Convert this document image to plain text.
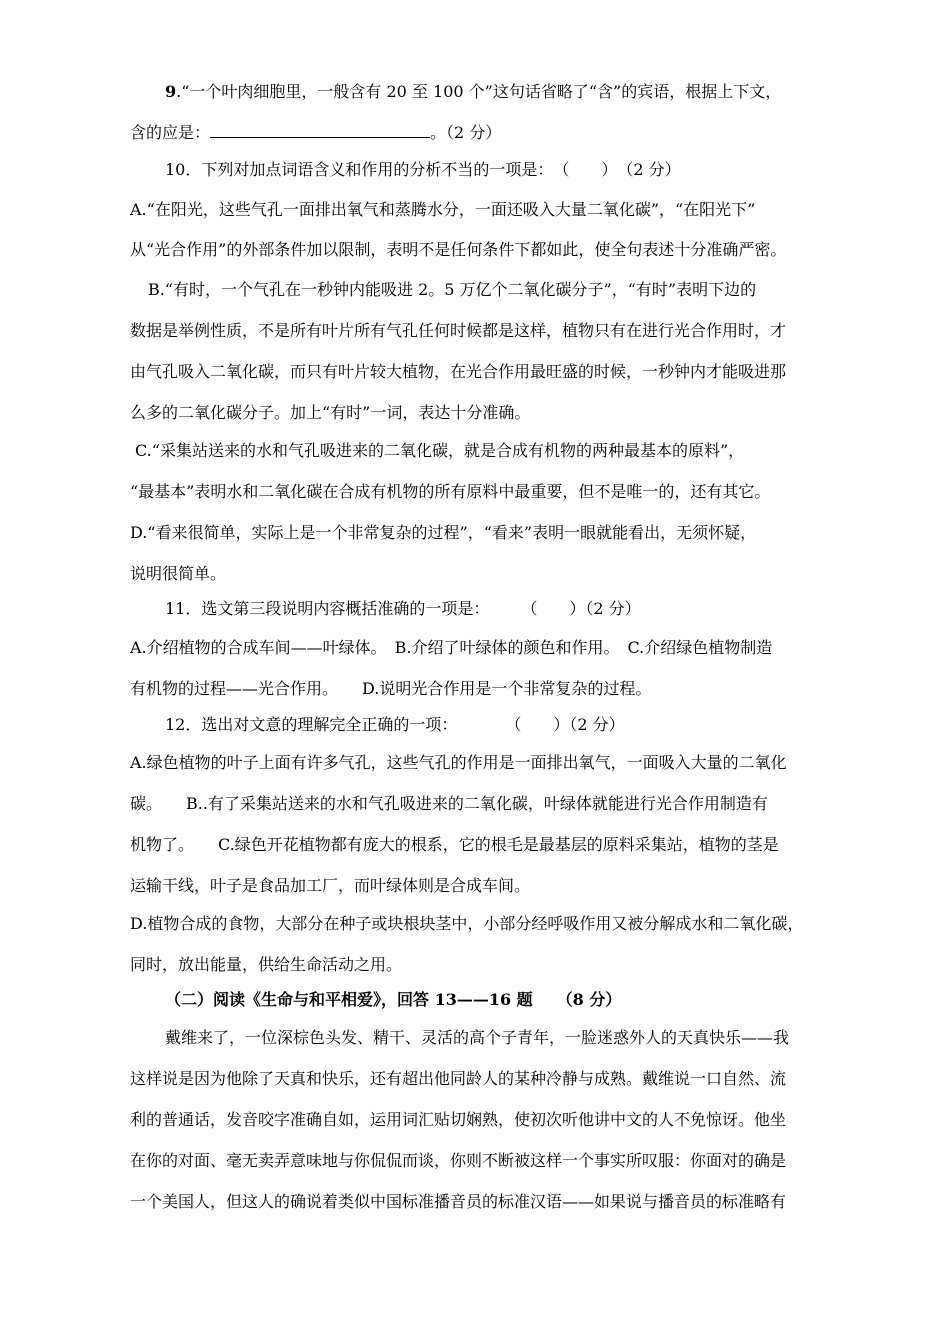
9.“一个叶肉细胞里，一般含有 20 至 100 个”这句话省略了“含”的宾语，根据上下文，
含的应是：	。（2 分）
10．下列对加点词语含义和作用的分析不当的一项是：　（　　）　（2 分）
A.“在阳光，这些气孔一面排出氧气和蒸腾水分，一面还吸入大量二氧化碳”，“在阳光下”
从“光合作用”的外部条件加以限制，表明不是任何条件下都如此，使全句表述十分准确严密。
B.“有时，一个气孔在一秒钟内能吸进 2。5 万亿个二氧化碳分子”，“有时”表明下边的
数据是举例性质，不是所有叶片所有气孔任何时候都是这样，植物只有在进行光合作用时，才
由气孔吸入二氧化碳，而只有叶片较大植物，在光合作用最旺盛的时候，一秒钟内才能吸进那
么多的二氧化碳分子。加上“有时”一词，表达十分准确。
C.“采集站送来的水和气孔吸进来的二氧化碳，就是合成有机物的两种最基本的原料”，
“最基本”表明水和二氧化碳在合成有机物的所有原料中最重要，但不是唯一的，还有其它。
D.“看来很简单，实际上是一个非常复杂的过程”，“看来”表明一眼就能看出，无须怀疑，
说明很简单。
11．选文第三段说明内容概括准确的一项是：　　　（　　）（2 分）
A.介绍植物的合成车间——叶绿体。　B.介绍了叶绿体的颜色和作用。　C.介绍绿色植物制造
有机物的过程——光合作用。　　D.说明光合作用是一个非常复杂的过程。
12．选出对文意的理解完全正确的一项：　　　　（　　）（2 分）
A.绿色植物的叶子上面有许多气孔，这些气孔的作用是一面排出氧气，一面吸入大量的二氧化
碳。　　B..有了采集站送来的水和气孔吸进来的二氧化碳，叶绿体就能进行光合作用制造有
机物了。　　C.绿色开花植物都有庞大的根系，它的根毛是最基层的原料采集站，植物的茎是
运输干线，叶子是食品加工厂，而叶绿体则是合成车间。
D.植物合成的食物，大部分在种子或块根块茎中，小部分经呼吸作用又被分解成水和二氧化碳，
同时，放出能量，供给生命活动之用。
（二）阅读《生命与和平相爱》，回答 13——16 题　　（8 分）
戴维来了，一位深棕色头发、精干、灵活的高个子青年，一脸迷惑外人的天真快乐——我
这样说是因为他除了天真和快乐，还有超出他同龄人的某种冷静与成熟。戴维说一口自然、流
利的普通话，发音咬字准确自如，运用词汇贴切娴熟，使初次听他讲中文的人不免惊讶。他坐
在你的对面、毫无卖弄意味地与你侃侃而谈，你则不断被这样一个事实所叹服：你面对的确是
一个美国人，但这人的确说着类似中国标准播音员的标准汉语——如果说与播音员的标准略有
